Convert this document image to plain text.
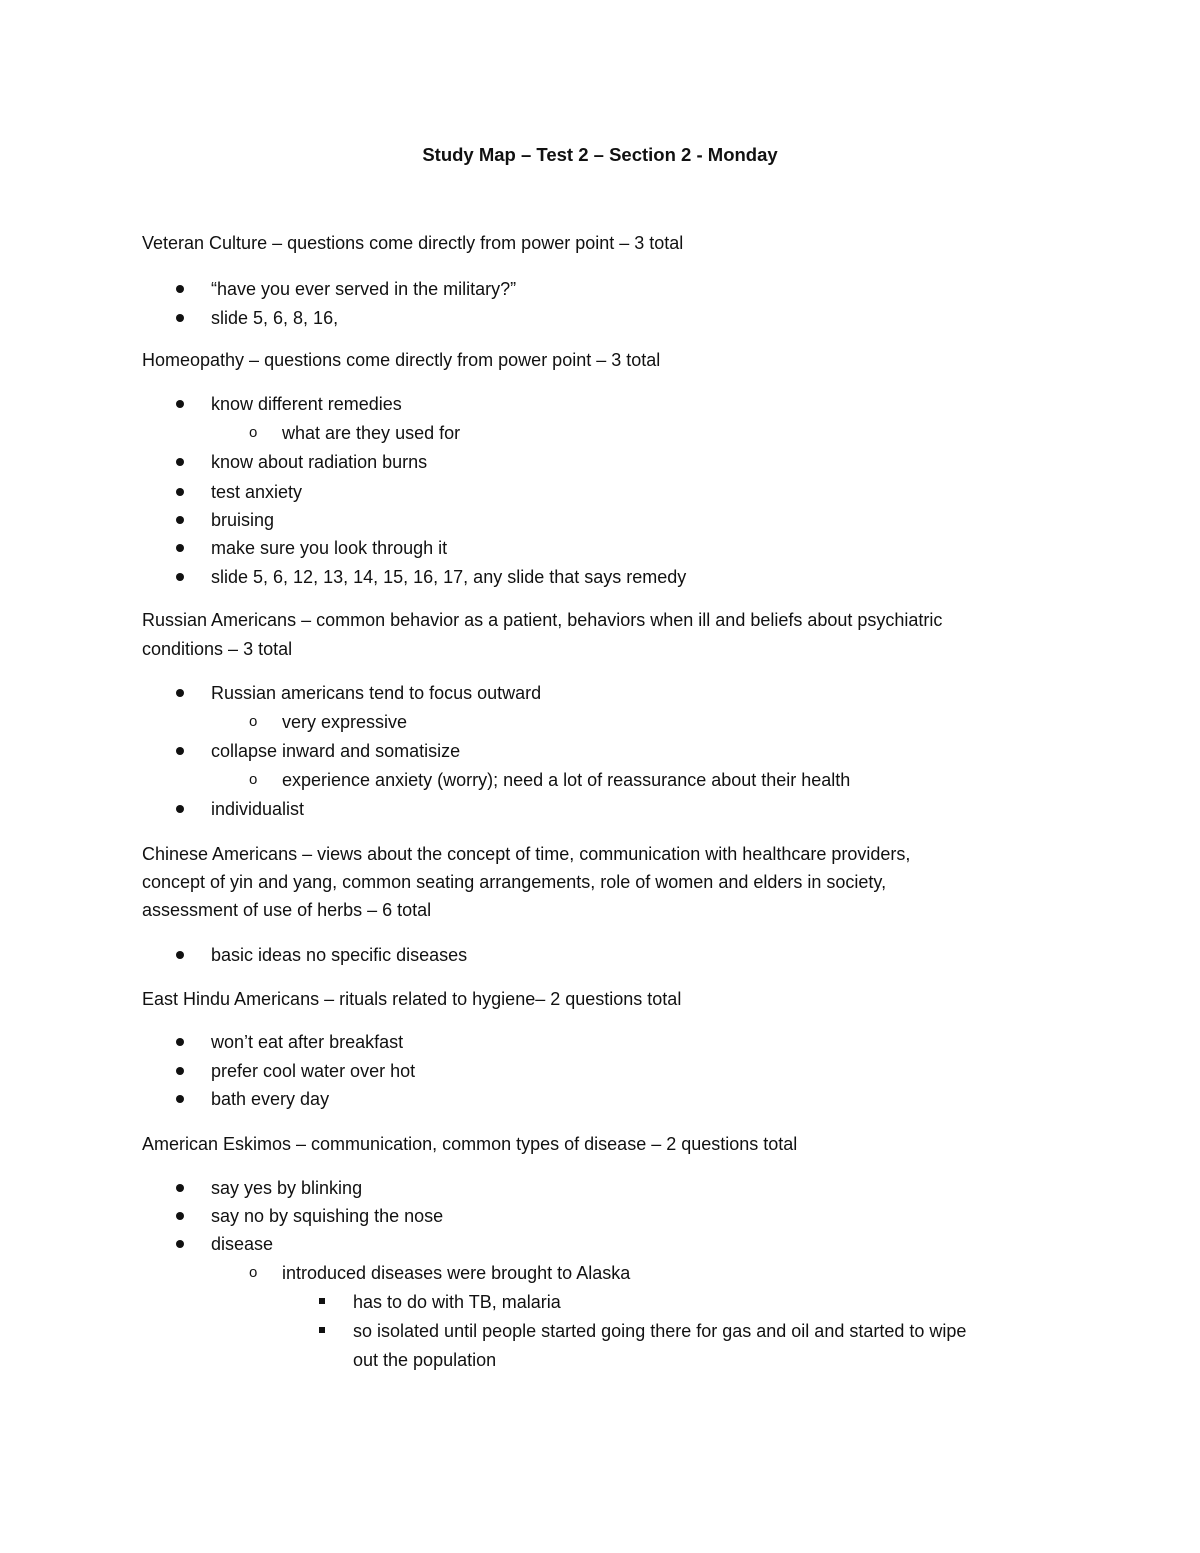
Study Map – Test 2 – Section 2 - Monday
Veteran Culture – questions come directly from power point – 3 total
“have you ever served in the military?”
slide 5, 6, 8, 16,
Homeopathy – questions come directly from power point – 3 total
know different remedies
o what are they used for
know about radiation burns
test anxiety
bruising
make sure you look through it
slide 5, 6, 12, 13, 14, 15, 16, 17, any slide that says remedy
Russian Americans – common behavior as a patient, behaviors when ill and beliefs about psychiatric
conditions – 3 total
Russian americans tend to focus outward
o very expressive
collapse inward and somatisize
o experience anxiety (worry); need a lot of reassurance about their health
individualist
Chinese Americans – views about the concept of time, communication with healthcare providers,
concept of yin and yang, common seating arrangements, role of women and elders in society,
assessment of use of herbs – 6 total
basic ideas no specific diseases
East Hindu Americans – rituals related to hygiene– 2 questions total
won’t eat after breakfast
prefer cool water over hot
bath every day
American Eskimos – communication, common types of disease – 2 questions total
say yes by blinking
say no by squishing the nose
disease
o introduced diseases were brought to Alaska
has to do with TB, malaria
so isolated until people started going there for gas and oil and started to wipe
out the population
